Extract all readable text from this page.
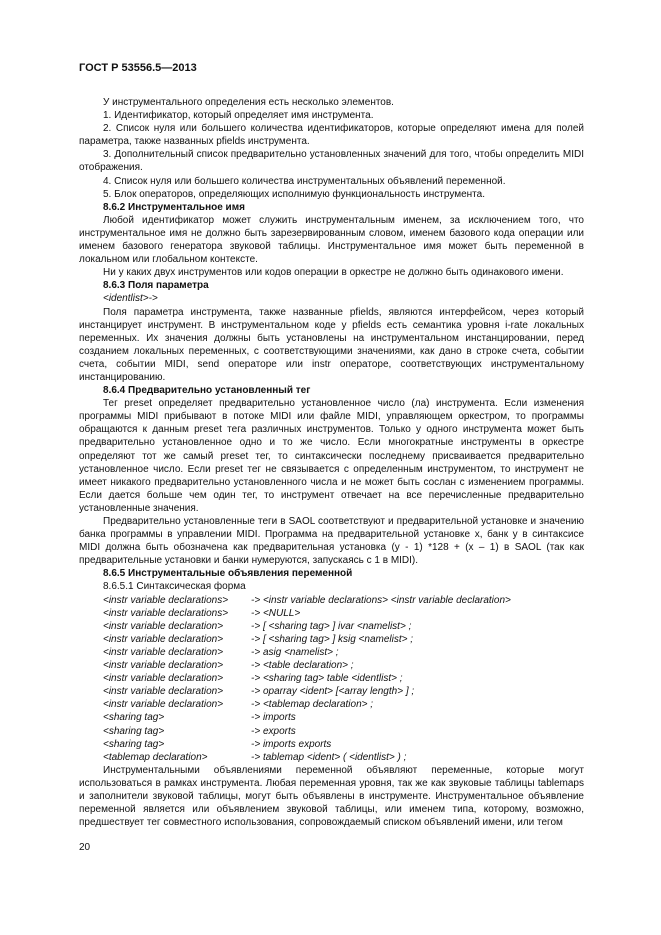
ГОСТ Р 53556.5—2013

У инструментального определения есть несколько элементов.

1. Идентификатор, который определяет имя инструмента.

2. Список нуля или большего количества идентификаторов, которые определяют имена для полей параметра, также названных pfields инструмента.

3. Дополнительный список предварительно установленных значений для того, чтобы определить MIDI отображения.

4. Список нуля или большего количества инструментальных объявлений переменной.

5. Блок операторов, определяющих исполнимую функциональность инструмента.

8.6.2 Инструментальное имя

Любой идентификатор может служить инструментальным именем, за исключением того, что инструментальное имя не должно быть зарезервированным словом, именем базового кода операции или именем базового генератора звуковой таблицы. Инструментальное имя может быть переменной в локальном или глобальном контексте.

Ни у каких двух инструментов или кодов операции в оркестре не должно быть одинакового имени.

8.6.3 Поля параметра

<identlist>->

Поля параметра инструмента, также названные pfields, являются интерфейсом, через который инстанцирует инструмент. В инструментальном коде у pfields есть семантика уровня i-rate локальных переменных. Их значения должны быть установлены на инструментальном инстанцировании, перед созданием локальных переменных, с соответствующими значениями, как дано в строке счета, событии счета, событии MIDI, send операторе или instr операторе, соответствующих инструментальному инстанцированию.

8.6.4 Предварительно установленный тег

Тег preset определяет предварительно установленное число (ла) инструмента. Если изменения программы MIDI прибывают в потоке MIDI или файле MIDI, управляющем оркестром, то программы обращаются к данным preset тега различных инструментов. Только у одного инструмента может быть предварительно установленное одно и то же число. Если многократные инструменты в оркестре определяют тот же самый preset тег, то синтаксически последнему присваивается предварительно установленное число. Если preset тег не связывается с определенным инструментом, то инструмент не имеет никакого предварительно установленного числа и не может быть сослан с изменением программы. Если дается больше чем один тег, то инструмент отвечает на все перечисленные предварительно установленные значения.

Предварительно установленные теги в SAOL соответствуют и предварительной установке и значению банка программы в управлении MIDI. Программа на предварительной установке x, банк y в синтаксисе MIDI должна быть обозначена как предварительная установка (y - 1) *128 + (x – 1) в SAOL (так как предварительные установки и банки нумеруются, запускаясь с 1 в MIDI).

8.6.5 Инструментальные объявления переменной

8.6.5.1 Синтаксическая форма

<instr variable declarations> -> <instr variable declarations> <instr variable declaration>
<instr variable declarations> -> <NULL>
<instr variable declaration>	-> [ <sharing tag> ] ivar <namelist> ;
<instr variable declaration>	-> [ <sharing tag> ] ksig <namelist> ;
<instr variable declaration>	-> asig <namelist> ;
<instr variable declaration>	-> <table declaration> ;
<instr variable declaration>	-> <sharing tag> table <identlist> ;
<instr variable declaration>	-> oparray <ident> [<array length> ] ;
<instr variable declaration>	-> <tablemap declaration> ;
<sharing tag>	-> imports
<sharing tag>	-> exports
<sharing tag>	-> imports exports
<tablemap declaration>	-> tablemap <ident> ( <identlist> ) ;

Инструментальными объявлениями переменной объявляют переменные, которые могут использоваться в рамках инструмента. Любая переменная уровня, так же как звуковые таблицы tablemaps и заполнители звуковой таблицы, могут быть объявлены в инструменте. Инструментальное объявление переменной является или объявлением звуковой таблицы, или именем типа, которому, возможно, предшествует тег совместного использования, сопровождаемый списком объявлений имени, или тегом

20
